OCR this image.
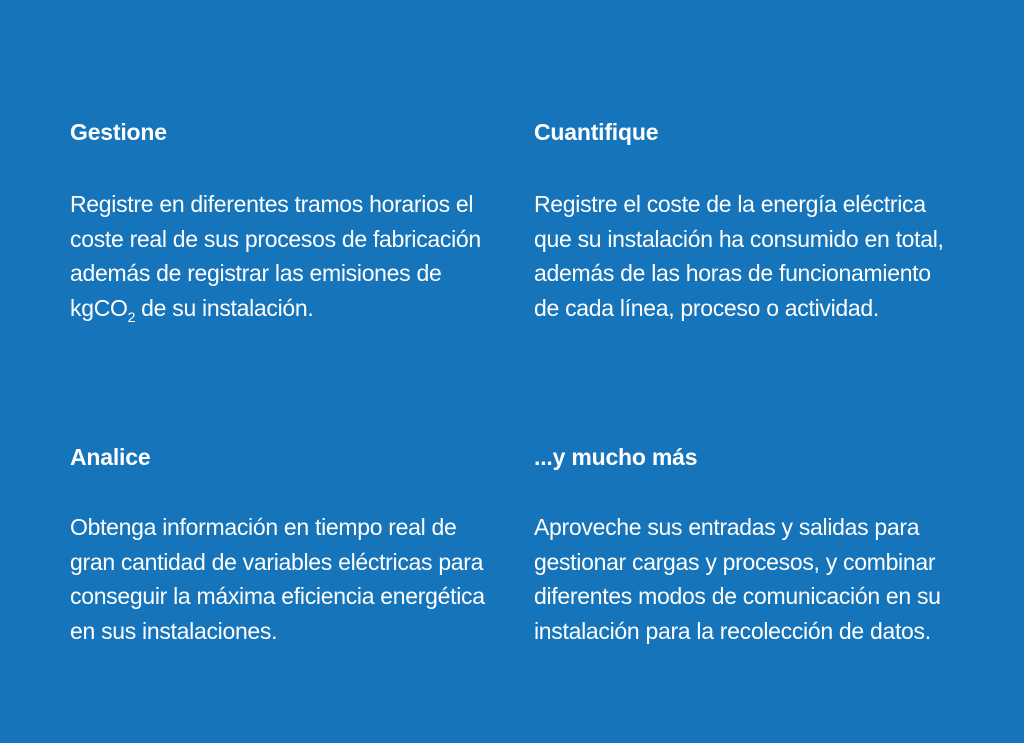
Gestione

Registre en diferentes tramos horarios el coste real de sus procesos de fabricación además de registrar las emisiones de kgCO$_2$ de su instalación.

Cuantifique

Registre el coste de la energía eléctrica que su instalación ha consumido en total, además de las horas de funcionamiento de cada línea, proceso o actividad.

Analice

Obtenga información en tiempo real de gran cantidad de variables eléctricas para conseguir la máxima eficiencia energética en sus instalaciones.

...y mucho más

Aproveche sus entradas y salidas para gestionar cargas y procesos, y combinar diferentes modos de comunicación en su instalación para la recolección de datos.
